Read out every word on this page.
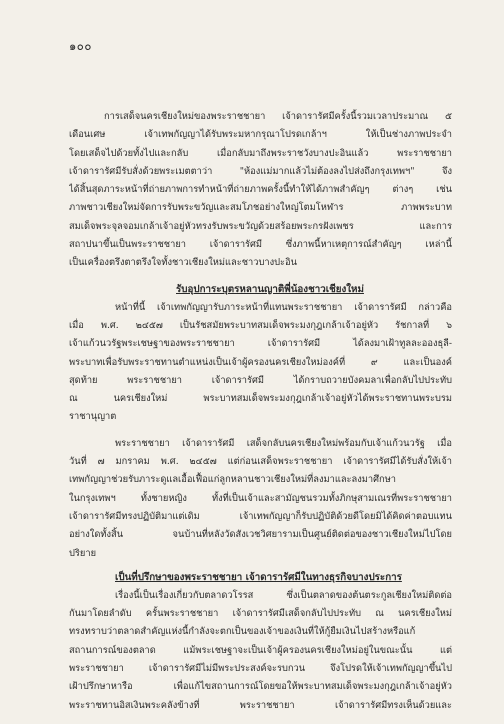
๑๐๐
การเสด็จนครเชียงใหม่ของพระราชชายา เจ้าดารารัศมีครั้งนี้รวมเวลาประมาณ ๕
เดือนเศษ เจ้าเทพกัญญาได้รับพระมหากรุณาโปรดเกล้าฯ ให้เป็นช่างภาพประจำ
โดยเสด็จไปด้วยทั้งไปและกลับ เมื่อกลับมาถึงพระราชวังบางปะอินแล้ว พระราชชายา
เจ้าดารารัศมีรับสั่งด้วยพระเมตตาว่า "ห้องแม่มากแล้วไม่ต้องลงไปส่งถึงกรุงเทพฯ" จึง
ได้สิ้นสุดภาระหน้าที่ถ่ายภาพการทำหน้าที่ถ่ายภาพครั้งนี้ทำให้ได้ภาพสำคัญๆ ต่างๆ เช่น
ภาพชาวเชียงใหม่จัดการรับพระขวัญและสมโภชอย่างใหญ่โตมโหฬาร ภาพพระบาท
สมเด็จพระจุลจอมเกล้าเจ้าอยู่หัวทรงรับพระขวัญด้วยสร้อยพระกรฝังเพชร และการ
สถาปนาขึ้นเป็นพระราชชายา เจ้าดารารัศมี ซึ่งภาพนี้หาเหตุการณ์สำคัญๆ เหล่านี้
เป็นเครื่องตรึงตาตรึงใจทั้งชาวเชียงใหม่และชาวบางปะอิน
รับอุปการะบุตรหลานญาติพี่น้องชาวเชียงใหม่
หน้าที่นี้ เจ้าเทพกัญญารับภาระหน้าที่แทนพระราชชายา เจ้าดารารัศมี กล่าวคือ
เมื่อ พ.ศ. ๒๔๕๗ เป็นรัชสมัยพระบาทสมเด็จพระมงกุฎเกล้าเจ้าอยู่หัว รัชกาลที่ ๖
เจ้าแก้วนวรัฐพระเชษฐาของพระราชชายา เจ้าดารารัศมี ได้ลงมาเฝ้าทูลละอองธุลี-
พระบาทเพื่อรับพระราชทานตำแหน่งเป็นเจ้าผู้ครองนครเชียงใหม่องค์ที่ ๙ และเป็นองค์
สุดท้าย พระราชชายา เจ้าดารารัศมี ได้กราบถวายบังคมลาเพื่อกลับไปประทับ
ณ นครเชียงใหม่ พระบาทสมเด็จพระมงกุฎเกล้าเจ้าอยู่หัวได้พระราชทานพระบรม
ราชานุญาต
พระราชชายา เจ้าดารารัศมี เสด็จกลับนครเชียงใหม่พร้อมกับเจ้าแก้วนวรัฐ เมื่อ
วันที่ ๗ มกราคม พ.ศ. ๒๔๕๗ แต่ก่อนเสด็จพระราชชายา เจ้าดารารัศมีได้รับสั่งให้เจ้า
เทพกัญญาช่วยรับภาระดูแลเอื้อเฟื้อแก่ลูกหลานชาวเชียงใหม่ที่ลงมาและลงมาศึกษา
ในกรุงเทพฯ ทั้งชายหญิง ทั้งที่เป็นเจ้าและสามัญชนรวมทั้งภิกษุสามเณรที่พระราชชายา
เจ้าดารารัศมีทรงปฏิบัติมาแต่เดิม เจ้าเทพกัญญาก็รับปฏิบัติด้วยดีโดยมิได้คิดค่าตอบแทน
อย่างใดทั้งสิ้น จนบ้านที่หลังวัดสังเวชวิศยารามเป็นศูนย์ติดต่อของชาวเชียงใหม่ไปโดย
ปริยาย
เป็นที่ปรึกษาของพระราชชายา เจ้าดารารัศมีในทางธุรกิจบางประการ
เรื่องนี้เป็นเรื่องเกี่ยวกับตลาดวโรรส ซึ่งเป็นตลาดของต้นตระกูลเชียงใหม่ติดต่อ
กันมาโดยลำดับ ครั้นพระราชชายา เจ้าดารารัศมีเสด็จกลับไปประทับ ณ นครเชียงใหม่
ทรงทราบว่าตลาดสำคัญแห่งนี้กำลังจะตกเป็นของเจ้าของเงินที่ให้กู้ยืมเงินไปสร้างหรือแก้
สถานการณ์ของตลาด แม้พระเชษฐาจะเป็นเจ้าผู้ครองนครเชียงใหม่อยู่ในขณะนั้น แต่
พระราชชายา เจ้าดารารัศมีไม่มีพระประสงค์จะรบกวน จึงโปรดให้เจ้าเทพกัญญาขึ้นไป
เฝ้าปรึกษาหารือ เพื่อแก้ไขสถานการณ์โดยขอให้พระบาทสมเด็จพระมงกุฎเกล้าเจ้าอยู่หัว
พระราชทานอิสเงินพระคลังข้างที่ พระราชชายา เจ้าดารารัศมีทรงเห็นด้วยและ
